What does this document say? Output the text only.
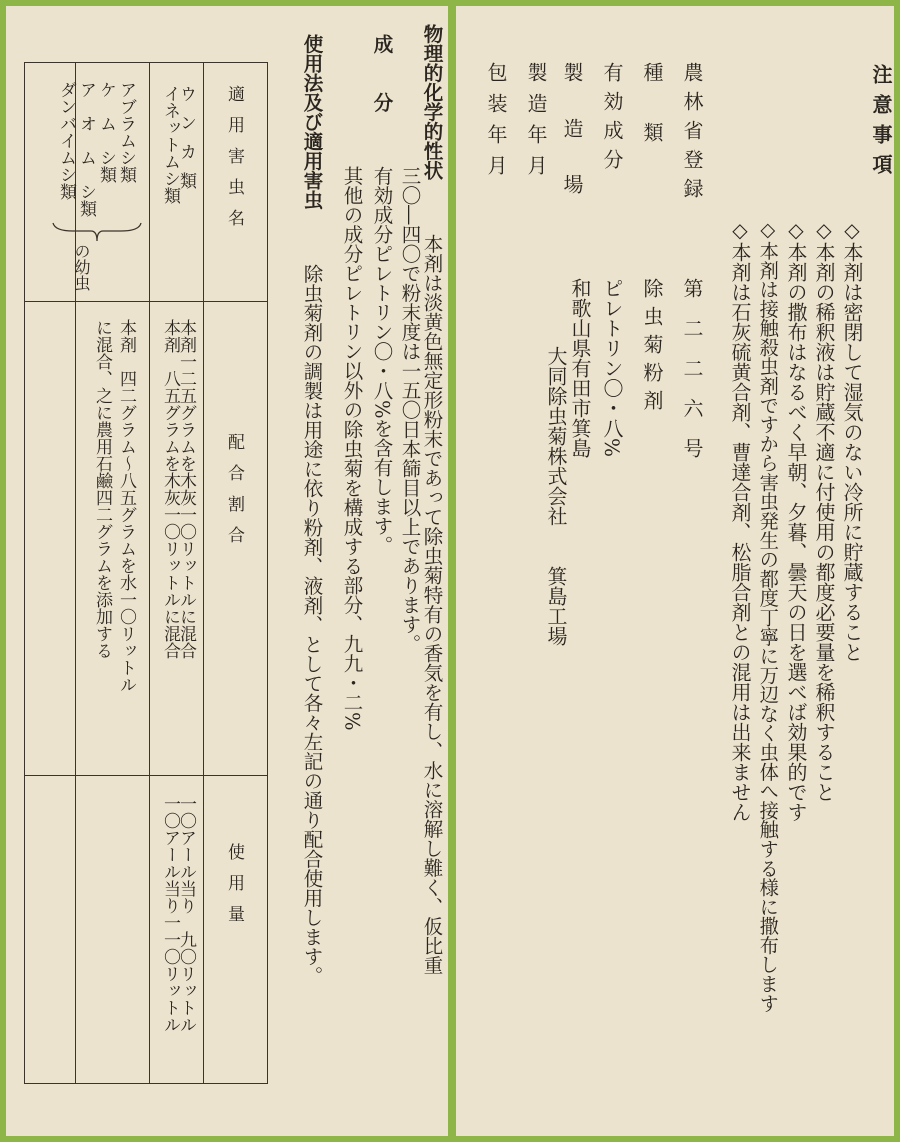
物理的化学的性状
本剤は淡黄色無定形粉末であって除虫菊特有の香気を有し、水に溶解し難く、仮比重
三〇―四〇で粉末度は一五〇日本篩目以上であります。
成　　分
有効成分ピレトリン〇・八%を含有します。
其他の成分ピレトリン以外の除虫菊を構成する部分、九九・二%
使用法及び適用害虫
除虫菊剤の調製は用途に依り粉剤、液剤、として各々左記の通り配合使用します。
適用害虫名
配合割合
使用量
ウンカ類
本剤一二五グラムを木灰一〇リットルに混合
一〇アール当り　九〇リットル
イネットムシ類
本剤　八五グラムを木灰一〇リットルに混合
一〇アール当り一一〇リットル
アブラムシ類
ケ　ム　シ類
ア　オ　ム　シ類
ダンバイムシ類
の幼虫
本剤　四二グラム～八五グラムを水一〇リットル
に混合、之に農用石鹼四二グラムを添加する
注意事項
◇本剤は密閉して湿気のない冷所に貯蔵すること
◇本剤の稀釈液は貯蔵不適に付使用の都度必要量を稀釈すること
◇本剤の撒布はなるべく早朝、夕暮、曇天の日を選べば効果的です
◇本剤は接触殺虫剤ですから害虫発生の都度丁寧に万辺なく虫体へ接触する様に撒布します
◇本剤は石灰硫黄合剤、曹達合剤、松脂合剤との混用は出来ません
農林省登録
第　二　二　六　号
種　　類
除虫菊粉剤
有効成分
ピレトリン〇・八%
製　造　場
和歌山県有田市箕島
大同除虫菊株式会社　　箕島工場
製造年月
包装年月
